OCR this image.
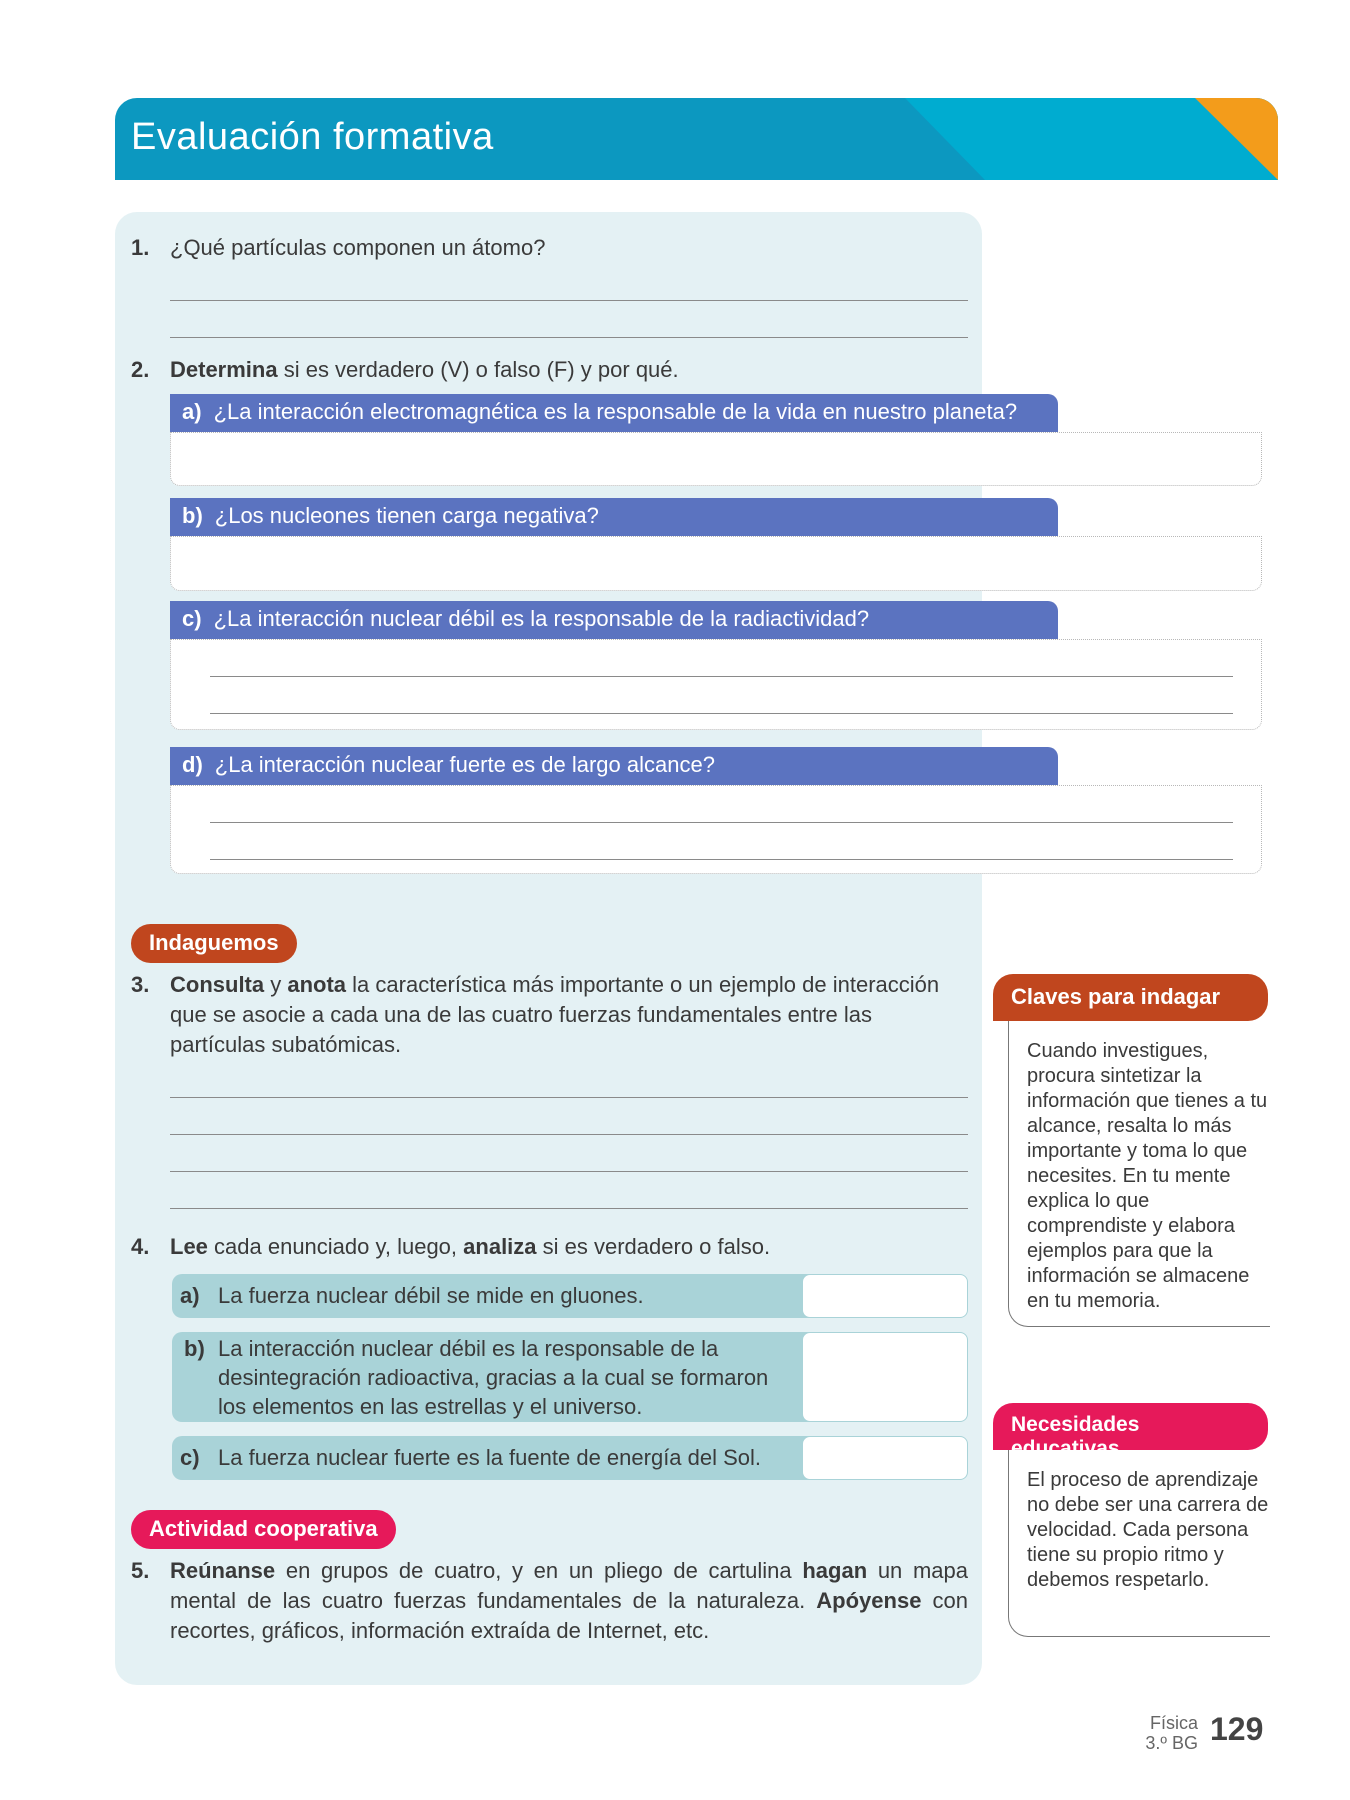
Evaluación formativa
DUA
Acción y expresión
1. ¿Qué partículas componen un átomo?
2. Determina si es verdadero (V) o falso (F) y por qué.
a) ¿La interacción electromagnética es la responsable de la vida en nuestro planeta?
b) ¿Los nucleones tienen carga negativa?
c) ¿La interacción nuclear débil es la responsable de la radiactividad?
d) ¿La interacción nuclear fuerte es de largo alcance?
Indaguemos
3. Consulta y anota la característica más importante o un ejemplo de interacción que se asocie a cada una de las cuatro fuerzas fundamentales entre las partículas subatómicas.
4. Lee cada enunciado y, luego, analiza si es verdadero o falso.
a) La fuerza nuclear débil se mide en gluones.
b) La interacción nuclear débil es la responsable de la desintegración radioactiva, gracias a la cual se formaron los elementos en las estrellas y el universo.
c) La fuerza nuclear fuerte es la fuente de energía del Sol.
Actividad cooperativa
5. Reúnanse en grupos de cuatro, y en un pliego de cartulina hagan un mapa mental de las cuatro fuerzas fundamentales de la naturaleza. Apóyense con recortes, gráficos, información extraída de Internet, etc.
Claves para indagar
Cuando investigues, procura sintetizar la información que tienes a tu alcance, resalta lo más importante y toma lo que necesites. En tu mente explica lo que comprendiste y elabora ejemplos para que la información se almacene en tu memoria.
Necesidades educativas
El proceso de aprendizaje no debe ser una carrera de velocidad. Cada persona tiene su propio ritmo y debemos respetarlo.
Física
3.º BG 129
